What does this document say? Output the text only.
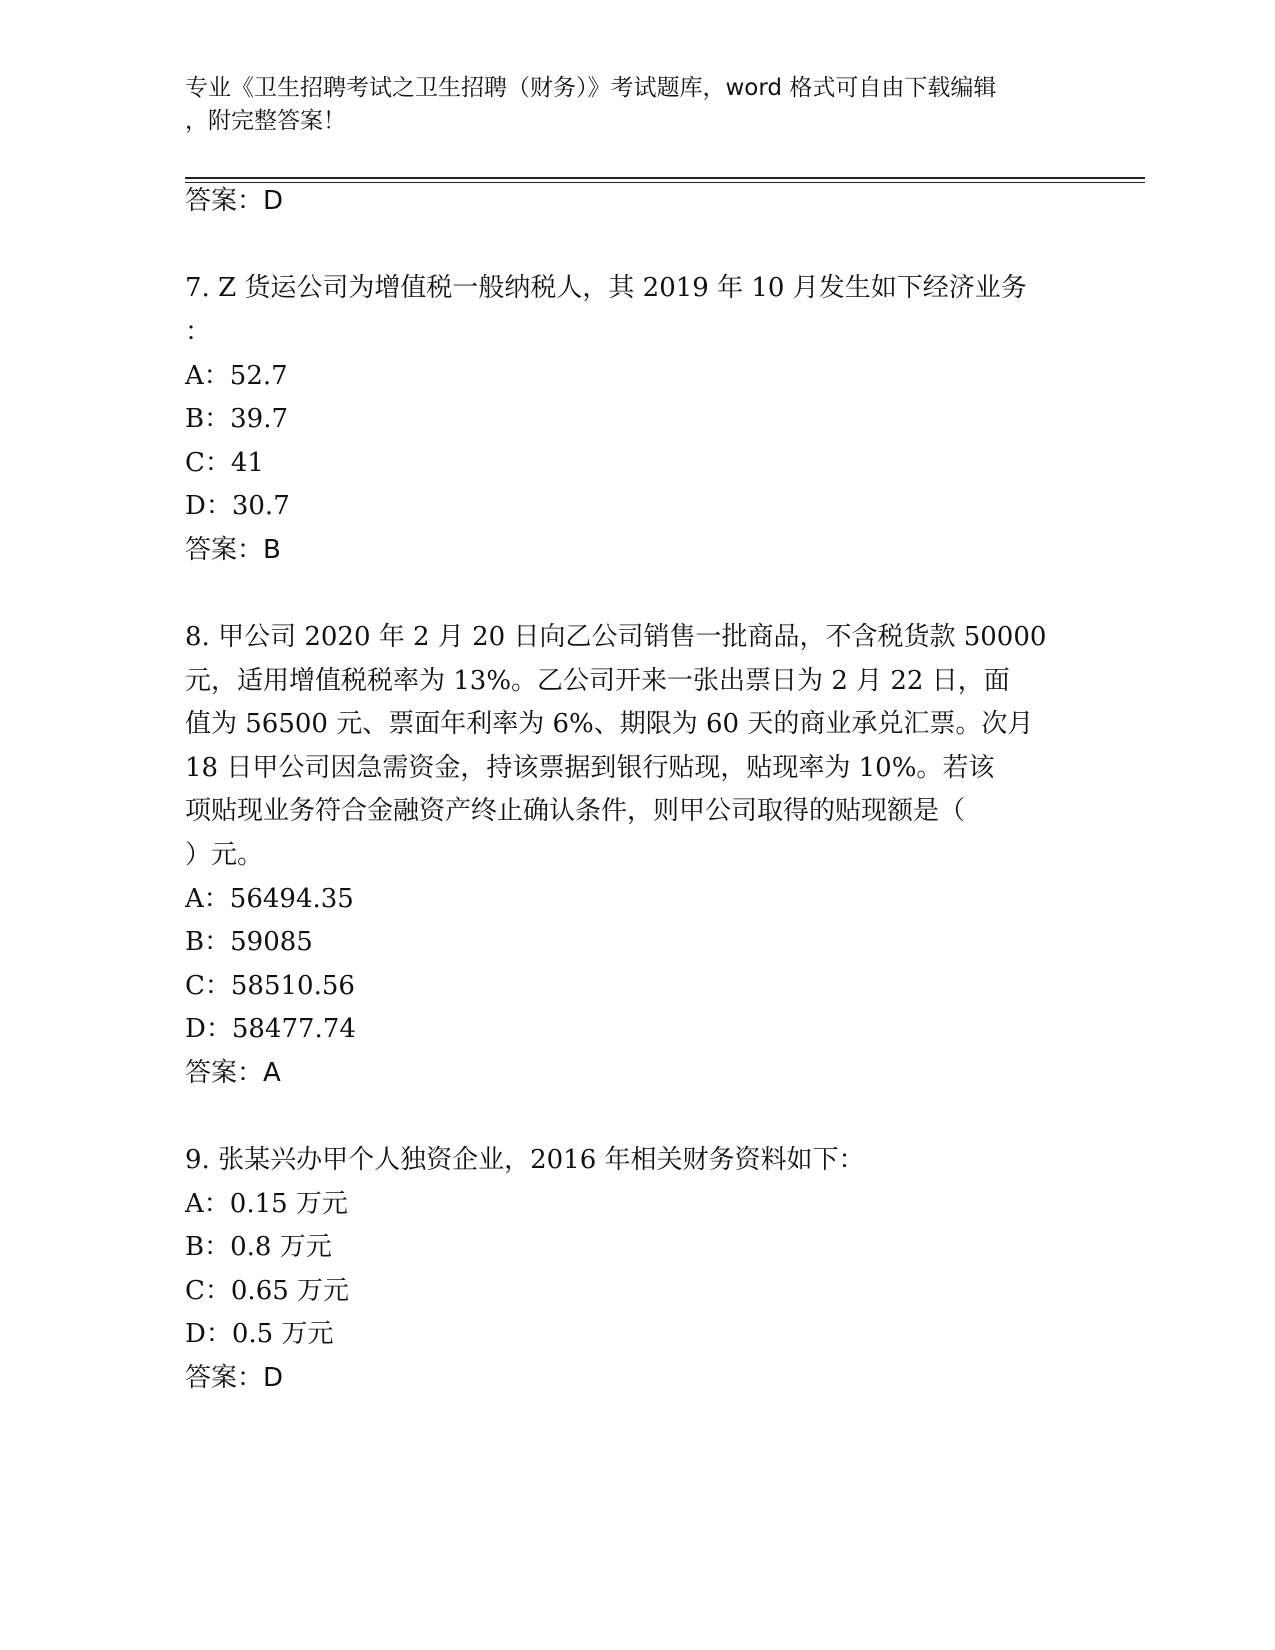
专业《卫生招聘考试之卫生招聘（财务）》考试题库，word 格式可自由下载编辑
，附完整答案！
答案：D
7. Z 货运公司为增值税一般纳税人，其 2019 年 10 月发生如下经济业务
：
A：52.7
B：39.7
C：41
D：30.7
答案：B
8. 甲公司 2020 年 2 月 20 日向乙公司销售一批商品，不含税货款 50000
元，适用增值税税率为 13%。乙公司开来一张出票日为 2 月 22 日，面
值为 56500 元、票面年利率为 6%、期限为 60 天的商业承兑汇票。次月
18 日甲公司因急需资金，持该票据到银行贴现，贴现率为 10%。若该
项贴现业务符合金融资产终止确认条件，则甲公司取得的贴现额是（
）元。
A：56494.35
B：59085
C：58510.56
D：58477.74
答案：A
9. 张某兴办甲个人独资企业，2016 年相关财务资料如下：
A：0.15 万元
B：0.8 万元
C：0.65 万元
D：0.5 万元
答案：D
